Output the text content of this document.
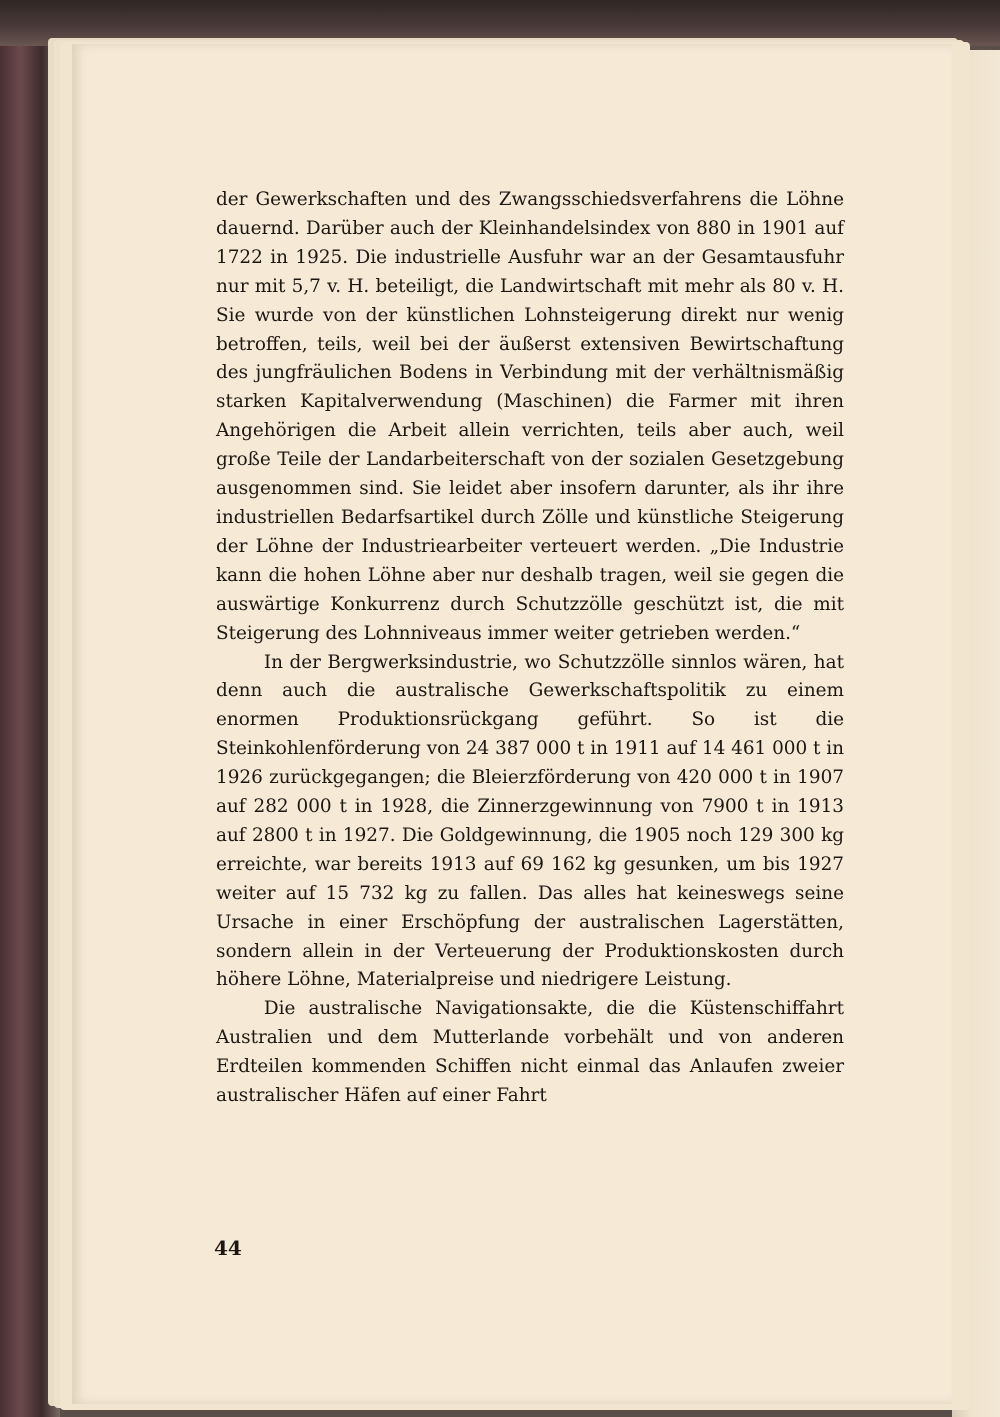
der Gewerkschaften und des Zwangsschiedsverfahrens die Löhne dauernd. Darüber auch der Kleinhandelsindex von 880 in 1901 auf 1722 in 1925. Die industrielle Ausfuhr war an der Gesamtausfuhr nur mit 5,7 v. H. beteiligt, die Landwirtschaft mit mehr als 80 v. H. Sie wurde von der künstlichen Lohnsteigerung direkt nur wenig betroffen, teils, weil bei der äußerst extensiven Bewirtschaftung des jungfräulichen Bodens in Verbindung mit der verhältnismäßig starken Kapitalverwendung (Maschinen) die Farmer mit ihren Angehörigen die Arbeit allein verrichten, teils aber auch, weil große Teile der Landarbeiterschaft von der sozialen Gesetzgebung ausgenommen sind. Sie leidet aber insofern darunter, als ihr ihre industriellen Bedarfsartikel durch Zölle und künstliche Steigerung der Löhne der Industriearbeiter verteuert werden. „Die Industrie kann die hohen Löhne aber nur deshalb tragen, weil sie gegen die auswärtige Konkurrenz durch Schutzzölle geschützt ist, die mit Steigerung des Lohnniveaus immer weiter getrieben werden.“

In der Bergwerksindustrie, wo Schutzzölle sinnlos wären, hat denn auch die australische Gewerkschaftspolitik zu einem enormen Produktionsrückgang geführt. So ist die Steinkohlenförderung von 24 387 000 t in 1911 auf 14 461 000 t in 1926 zurückgegangen; die Bleierzförderung von 420 000 t in 1907 auf 282 000 t in 1928, die Zinnerzgewinnung von 7900 t in 1913 auf 2800 t in 1927. Die Goldgewinnung, die 1905 noch 129 300 kg erreichte, war bereits 1913 auf 69 162 kg gesunken, um bis 1927 weiter auf 15 732 kg zu fallen. Das alles hat keineswegs seine Ursache in einer Erschöpfung der australischen Lagerstätten, sondern allein in der Verteuerung der Produktionskosten durch höhere Löhne, Materialpreise und niedrigere Leistung.

Die australische Navigationsakte, die die Küstenschiffahrt Australien und dem Mutterlande vorbehält und von anderen Erdteilen kommenden Schiffen nicht einmal das Anlaufen zweier australischer Häfen auf einer Fahrt

44
